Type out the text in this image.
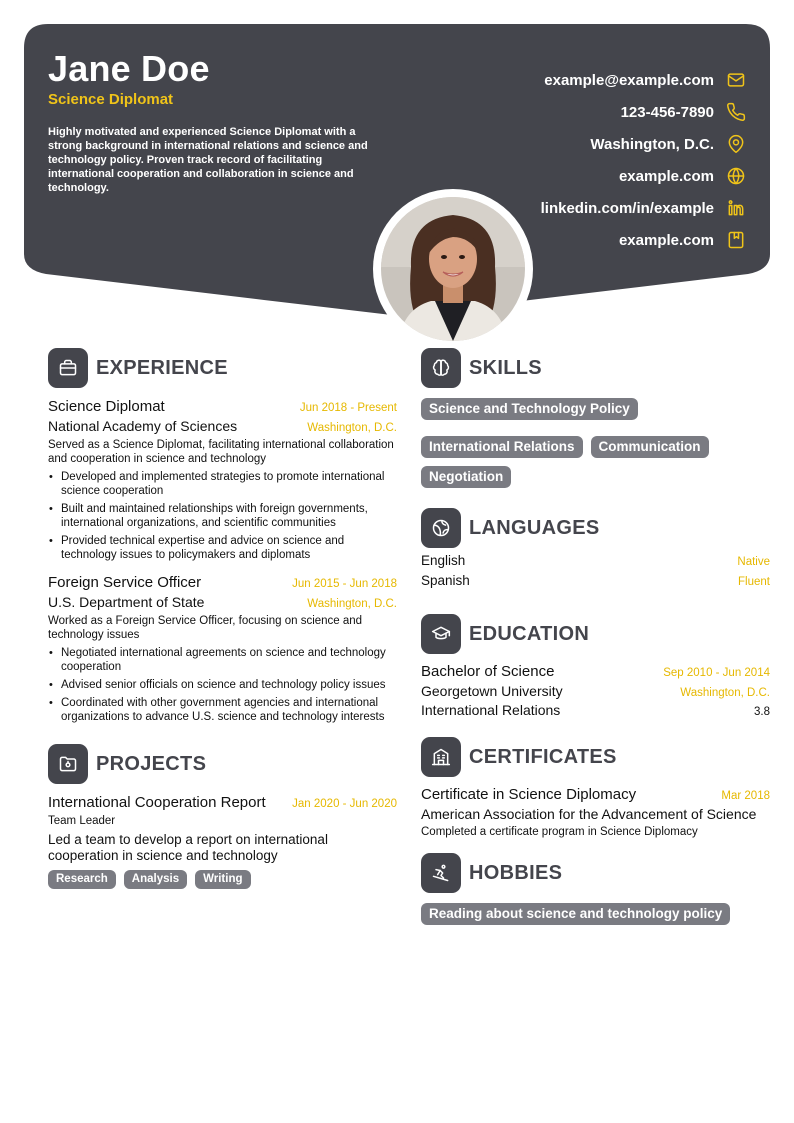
Jane Doe
Science Diplomat
Highly motivated and experienced Science Diplomat with a strong background in international relations and science and technology policy. Proven track record of facilitating international cooperation and collaboration in science and technology.
example@example.com
123-456-7890
Washington, D.C.
example.com
linkedin.com/in/example
example.com
EXPERIENCE
Science Diplomat	Jun 2018 - Present
National Academy of Sciences	Washington, D.C.
Served as a Science Diplomat, facilitating international collaboration and cooperation in science and technology
• Developed and implemented strategies to promote international science cooperation
• Built and maintained relationships with foreign governments, international organizations, and scientific communities
• Provided technical expertise and advice on science and technology issues to policymakers and diplomats
Foreign Service Officer	Jun 2015 - Jun 2018
U.S. Department of State	Washington, D.C.
Worked as a Foreign Service Officer, focusing on science and technology issues
• Negotiated international agreements on science and technology cooperation
• Advised senior officials on science and technology policy issues
• Coordinated with other government agencies and international organizations to advance U.S. science and technology interests
PROJECTS
International Cooperation Report Jan 2020 - Jun 2020
Team Leader
Led a team to develop a report on international cooperation in science and technology
Research	Analysis	Writing
SKILLS
Science and Technology Policy
International Relations	Communication
Negotiation
LANGUAGES
English	Native
Spanish	Fluent
EDUCATION
Bachelor of Science	Sep 2010 - Jun 2014
Georgetown University	Washington, D.C.
International Relations	3.8
CERTIFICATES
Certificate in Science Diplomacy	Mar 2018
American Association for the Advancement of Science
Completed a certificate program in Science Diplomacy
HOBBIES
Reading about science and technology policy
